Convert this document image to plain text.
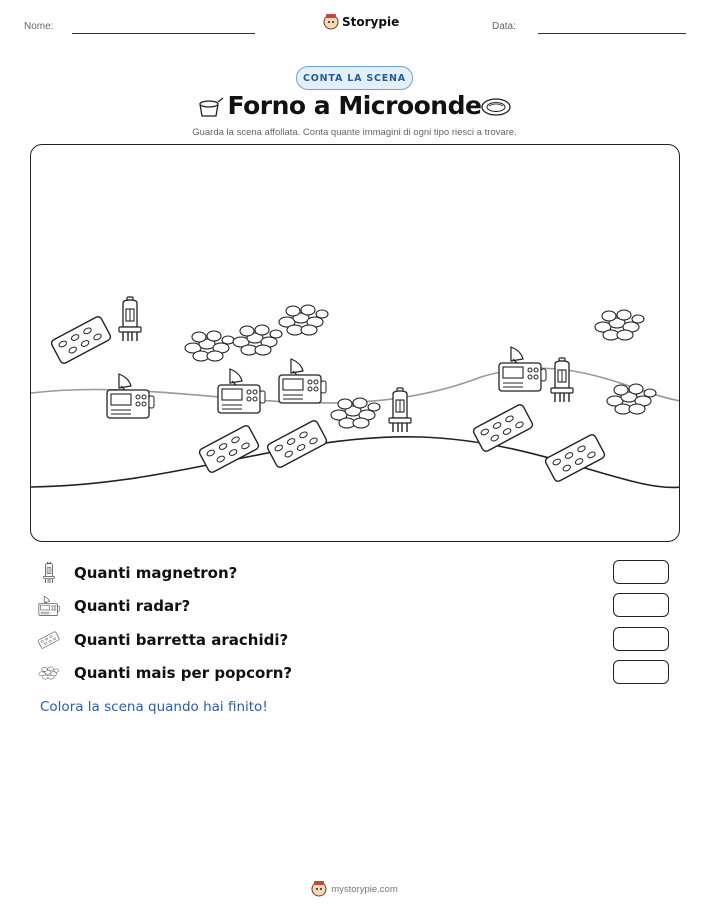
Nome:	Storypie	Data:
CONTA LA SCENA
Forno a Microonde
Guarda la scena affollata. Conta quante immagini di ogni tipo riesci a trovare.
Quanti magnetron?
Quanti radar?
Quanti barretta arachidi?
Quanti mais per popcorn?
Colora la scena quando hai finito!
mystorypie.com
